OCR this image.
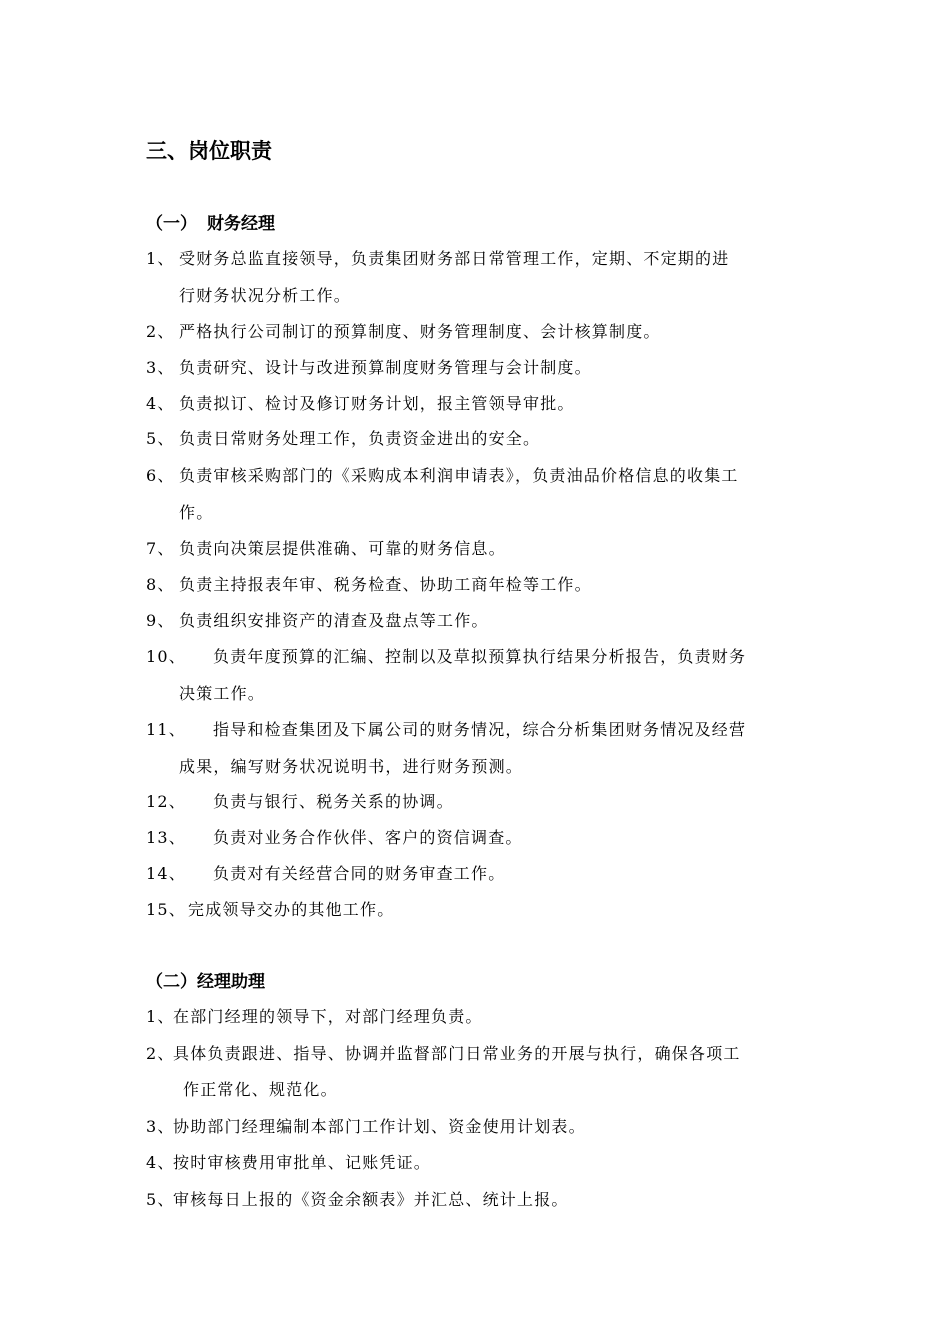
三、岗位职责
（一） 财务经理
1、 受财务总监直接领导，负责集团财务部日常管理工作，定期、不定期的进
行财务状况分析工作。
2、 严格执行公司制订的预算制度、财务管理制度、会计核算制度。
3、 负责研究、设计与改进预算制度财务管理与会计制度。
4、 负责拟订、检讨及修订财务计划，报主管领导审批。
5、 负责日常财务处理工作，负责资金进出的安全。
6、 负责审核采购部门的《采购成本利润申请表》，负责油品价格信息的收集工
作。
7、 负责向决策层提供准确、可靠的财务信息。
8、 负责主持报表年审、税务检查、协助工商年检等工作。
9、 负责组织安排资产的清查及盘点等工作。
10、 负责年度预算的汇编、控制以及草拟预算执行结果分析报告，负责财务
决策工作。
11、 指导和检查集团及下属公司的财务情况，综合分析集团财务情况及经营
成果，编写财务状况说明书，进行财务预测。
12、 负责与银行、税务关系的协调。
13、 负责对业务合作伙伴、客户的资信调查。
14、 负责对有关经营合同的财务审查工作。
15、 完成领导交办的其他工作。
（二）经理助理
1、在部门经理的领导下，对部门经理负责。
2、具体负责跟进、指导、协调并监督部门日常业务的开展与执行，确保各项工
作正常化、规范化。
3、协助部门经理编制本部门工作计划、资金使用计划表。
4、按时审核费用审批单、记账凭证。
5、审核每日上报的《资金余额表》并汇总、统计上报。
